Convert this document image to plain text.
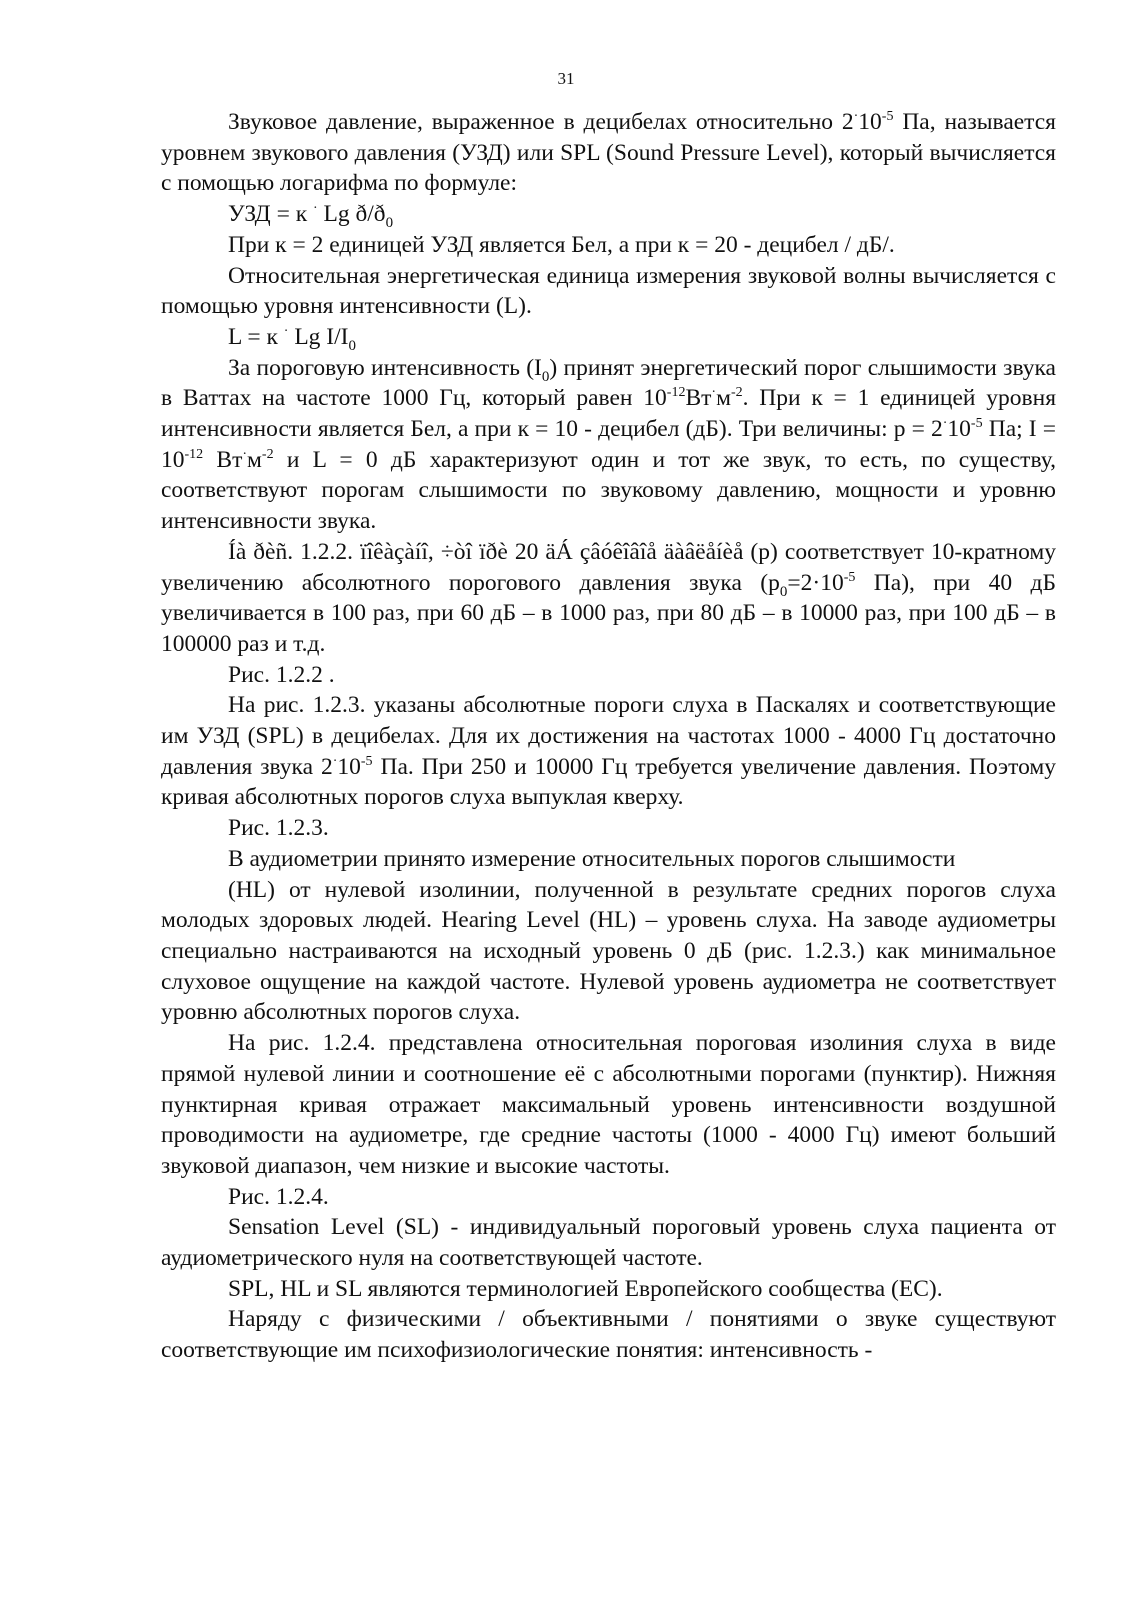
31

Звуковое давление, выраженное в децибелах относительно $2^\cdot 10^{-5}$ Па, называется уровнем звукового давления (УЗД) или SPL (Sound Pressure Level), который вычисляется с помощью логарифма по формуле:

УЗД = к · Lg $ð/ð_0$

При к = 2 единицей УЗД является Бел, а при к = 20 - децибел / дБ/.

Относительная энергетическая единица измерения звуковой волны вычисляется с помощью уровня интенсивности (L).

L = к · Lg $I/I_0$

За пороговую интенсивность $(I_0)$ принят энергетический порог слышимости звука в Ваттах на частоте 1000 Гц, который равен $10^{-12}Вт^\cdot м^{-2}$. При к = 1 единицей уровня интенсивности является Бел, а при к = 10 - децибел (дБ). Три величины: $р = 2^\cdot 10^{-5}$ Па; $I = 10^{-12}$ $Вт^\cdot м^{-2}$ и L = 0 дБ характеризуют один и тот же звук, то есть, по существу, соответствуют порогам слышимости по звуковому давлению, мощности и уровню интенсивности звука.

Íà ðèñ. 1.2.2. ïîêàçàíî, ÷òî ïðè 20 äÁ çâóêîâîå äàâëåíèå (р) соответствует 10-кратному увеличению абсолютного порогового давления звука ($р_0=2\cdot 10^{-5}$ Па), при 40 дБ увеличивается в 100 раз, при 60 дБ – в 1000 раз, при 80 дБ – в 10000 раз, при 100 дБ – в 100000 раз и т.д.

Рис. 1.2.2 .

На рис. 1.2.3. указаны абсолютные пороги слуха в Паскалях и соответствующие им УЗД (SPL) в децибелах. Для их достижения на частотах 1000 - 4000 Гц достаточно давления звука $2^\cdot 10^{-5}$ Па. При 250 и 10000 Гц требуется увеличение давления. Поэтому кривая абсолютных порогов слуха выпуклая кверху.

Рис. 1.2.3.

В аудиометрии принято измерение относительных порогов слышимости

(HL) от нулевой изолинии, полученной в результате средних порогов слуха молодых здоровых людей. Hearing Level (HL) – уровень слуха. На заводе аудиометры специально настраиваются на исходный уровень 0 дБ (рис. 1.2.3.) как минимальное слуховое ощущение на каждой частоте. Нулевой уровень аудиометра не соответствует уровню абсолютных порогов слуха.

На рис. 1.2.4. представлена относительная пороговая изолиния слуха в виде прямой нулевой линии и соотношение её с абсолютными порогами (пунктир). Нижняя пунктирная кривая отражает максимальный уровень интенсивности воздушной проводимости на аудиометре, где средние частоты (1000 - 4000 Гц) имеют больший звуковой диапазон, чем низкие и высокие частоты.

Рис. 1.2.4.

Sensation Level (SL) - индивидуальный пороговый уровень слуха пациента от аудиометрического нуля на соответствующей частоте.

SPL, HL и SL являются терминологией Европейского сообщества (ЕС).

Наряду с физическими / объективными / понятиями о звуке существуют соответствующие им психофизиологические понятия: интенсивность -
